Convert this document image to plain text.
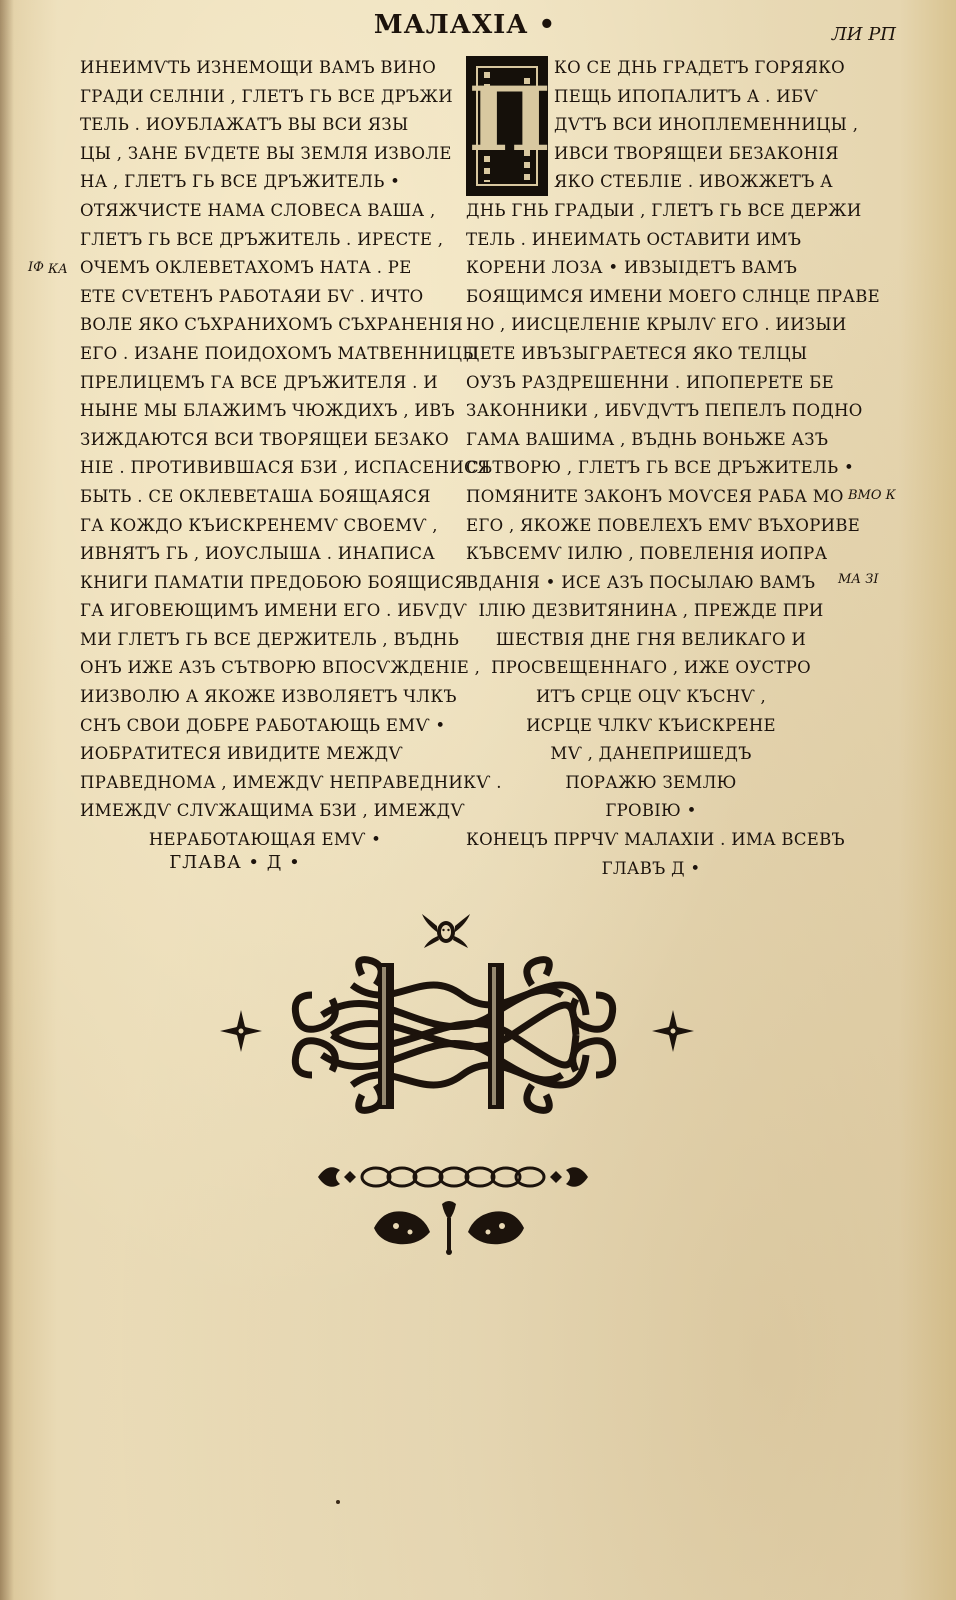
МАЛАХІА •	ЛИ РП
ІФ КА
ВМО К
МА ЗІ
ИНЕИМѴТЬ ИЗНЕМОЩИ ВАМЪ ВИНО
ГРАДИ СЕЛНІИ , ГЛЕТЪ ГЬ ВСЕ ДРЪЖИ
ТЕЛЬ . ИОУБЛАЖАТЪ ВЫ ВСИ ЯЗЫ
ЦЫ , ЗАНЕ БѴДЕТЕ ВЫ ЗЕМЛЯ ИЗВОЛЕ
НА , ГЛЕТЪ ГЬ ВСЕ ДРЪЖИТЕЛЬ •
ОТЯЖЧИСТЕ НАМА СЛОВЕСА ВАША ,
ГЛЕТЪ ГЬ ВСЕ ДРЪЖИТЕЛЬ . ИРЕСТЕ ,
ОЧЕМЪ ОКЛЕВЕТАХОМЪ НАТА . РЕ
ЕТЕ СѴЕТЕНЪ РАБОТАЯИ БѴ . ИЧТО
ВОЛЕ ЯКО СЪХРАНИХОМЪ СЪХРАНЕНІЯ
ЕГО . ИЗАНЕ ПОИДОХОМЪ МАТВЕННИЦЫ
ПРЕЛИЦЕМЪ ГА ВСЕ ДРЪЖИТЕЛЯ . И
НЫНЕ МЫ БЛАЖИМЪ ЧЮЖДИХЪ , ИВЪ
ЗИЖДАЮТСЯ ВСИ ТВОРЯЩЕИ БЕЗАКО
НІЕ . ПРОТИВИВШАСЯ БЗИ , ИСПАСЕНИСЯ
БЫТЬ . СЕ ОКЛЕВЕТАША БОЯЩАЯСЯ
ГА КОЖДО КЪИСКРЕНЕМѴ СВОЕМѴ ,
ИВНЯТЪ ГЬ , ИОУСЛЫША . ИНАПИСА
КНИГИ ПАМАТІИ ПРЕДОБОЮ БОЯЩИСЯ
ГА ИГОВЕЮЩИМЪ ИМЕНИ ЕГО . ИБѴДѴ
МИ ГЛЕТЪ ГЬ ВСЕ ДЕРЖИТЕЛЬ , ВЪДНЬ
ОНЪ ИЖЕ АЗЪ СЪТВОРЮ ВПОСѴЖДЕНІЕ ,
ИИЗВОЛЮ А ЯКОЖЕ ИЗВОЛЯЕТЪ ЧЛКЪ
СНЪ СВОИ ДОБРЕ РАБОТАЮЩЬ ЕМѴ •
ИОБРАТИТЕСЯ ИВИДИТЕ МЕЖДѴ
ПРАВЕДНОМА , ИМЕЖДѴ НЕПРАВЕДНИКѴ .
ИМЕЖДѴ СЛѴЖАЩИМА БЗИ , ИМЕЖДѴ
НЕРАБОТАЮЩАЯ ЕМѴ •
ГЛАВА • Д •
П КО СЕ ДНЬ ГРАДЕТЪ ГОРЯЯКО
ПЕЩЬ ИПОПАЛИТЪ А . ИБѴ
ДѴТЪ ВСИ ИНОПЛЕМЕННИЦЫ ,
ИВСИ ТВОРЯЩЕИ БЕЗАКОНІЯ
ЯКО СТЕБЛІЕ . ИВОЖЖЕТЪ А
ДНЬ ГНЬ ГРАДЫИ , ГЛЕТЪ ГЬ ВСЕ ДЕРЖИ
ТЕЛЬ . ИНЕИМАТЬ ОСТАВИТИ ИМЪ
КОРЕНИ ЛОЗА • ИВЗЫІДЕТЪ ВАМЪ
БОЯЩИМСЯ ИМЕНИ МОЕГО СЛНЦЕ ПРАВЕ
НО , ИИСЦЕЛЕНІЕ КРЫЛѴ ЕГО . ИИЗЫИ
ДЕТЕ ИВЪЗЫГРАЕТЕСЯ ЯКО ТЕЛЦЫ
ОУЗЪ РАЗДРЕШЕННИ . ИПОПЕРЕТЕ БЕ
ЗАКОННИКИ , ИБѴДѴТЪ ПЕПЕЛЪ ПОДНО
ГАМА ВАШИМА , ВЪДНЬ ВОНЬЖЕ АЗЪ
СЪТВОРЮ , ГЛЕТЪ ГЬ ВСЕ ДРЪЖИТЕЛЬ •
ПОМЯНИТЕ ЗАКОНЪ МОѴСЕЯ РАБА МО
ЕГО , ЯКОЖЕ ПОВЕЛЕХЪ ЕМѴ ВЪХОРИВЕ
КЪВСЕМѴ ІИЛЮ , ПОВЕЛЕНІЯ ИОПРА
ВДАНІЯ • ИСЕ АЗЪ ПОСЫЛАЮ ВАМЪ
ІЛІЮ ДЕЗВИТЯНИНА , ПРЕЖДЕ ПРИ
ШЕСТВІЯ ДНЕ ГНЯ ВЕЛИКАГО И
ПРОСВЕЩЕННАГО , ИЖЕ ОУСТРО
ИТЪ СРЦЕ ОЦѴ КЪСНѴ ,
ИСРЦЕ ЧЛКѴ КЪИСКРЕНЕ
МѴ , ДАНЕПРИШЕДЪ
ПОРАЖЮ ЗЕМЛЮ
ГРОВІЮ •
КОНЕЦЪ ПРРЧѴ МАЛАХІИ . ИМА ВСЕВЪ
ГЛАВЪ Д •
